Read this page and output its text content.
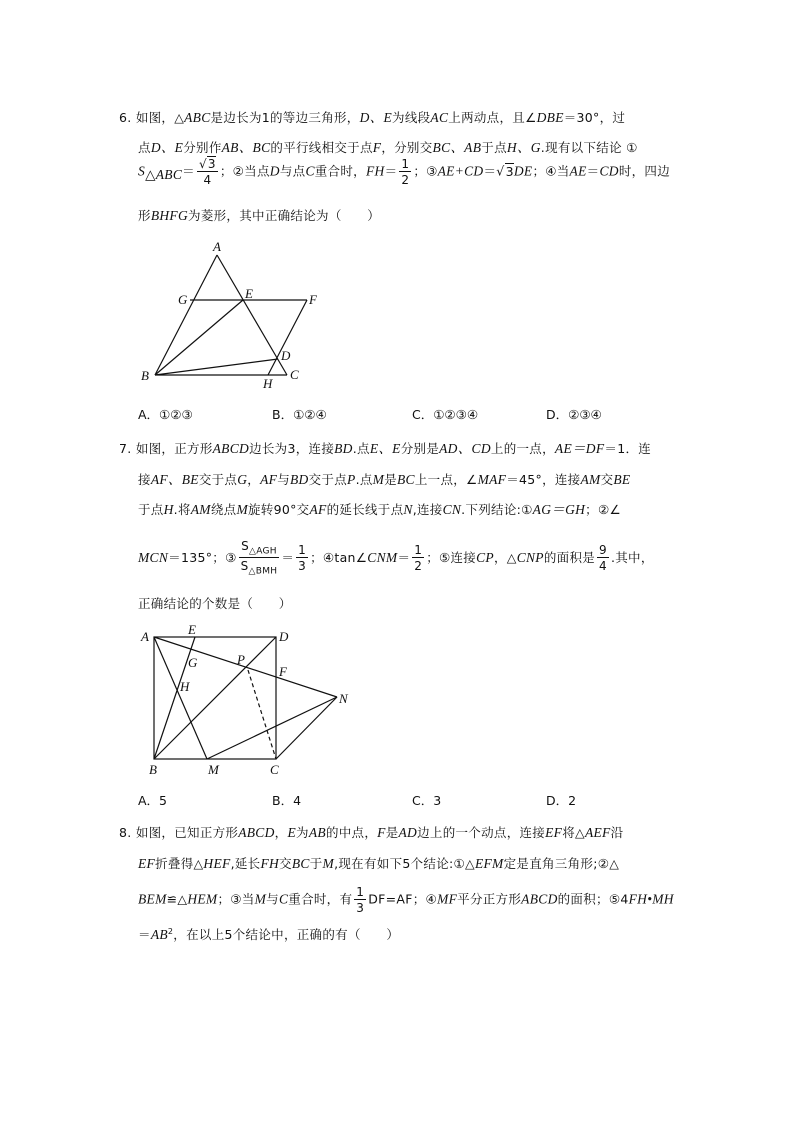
6. 如图，△ABC是边长为1的等边三角形，D、E为线段AC上两动点，且∠DBE＝30°，过
点D、E分别作AB、BC的平行线相交于点F，分别交BC、AB于点H、G.现有以下结论 ①
$S_{\triangle ABC}= \frac{√3}{4}$ ；②当点D与点C重合时，$FH= \frac{1}{2}$ ；③AE+CD＝√3DE；④当AE＝CD时，四边
形BHFG为菱形，其中正确结论为（　　）
A
G	E	F
B
H
C
D
A．①②③	B．①②④	C．①②③④	D．②③④
7. 如图，正方形ABCD边长为3，连接BD.点E、E分别是AD、CD上的一点，AE＝DF＝1．连
接AF、BE交于点G，AF与BD交于点P.点M是BC上一点，∠MAF＝45°，连接AM交BE
于点H.将AM绕点M旋转90°交AF的延长线于点N,连接CN.下列结论:①AG＝GH；②∠
MCN＝135°；③ $\frac{S_{\triangle AGH}}{S_{\triangle BMH}} = \frac{1}{3}$ ；④tan∠CNM＝ $\frac{1}{2}$ ；⑤连接CP，△CNP的面积是 $\frac{9}{4}$ .其中，
正确结论的个数是（　　）
A	E	D
G	P
F
H
N
B	M	C
A．5	B．4	C．3	D．2
8. 如图，已知正方形ABCD，E为AB的中点，F是AD边上的一个动点，连接EF将△AEF沿
EF折叠得△HEF,延长FH交BC于M,现在有如下5个结论:①△EFM定是直角三角形;②△
BEM≌△HEM；③当M与C重合时，有 $\frac{1}{3} DF=AF$；④MF平分正方形ABCD的面积；⑤4FH•MH
$=AB^2$，在以上5个结论中，正确的有（　　）
